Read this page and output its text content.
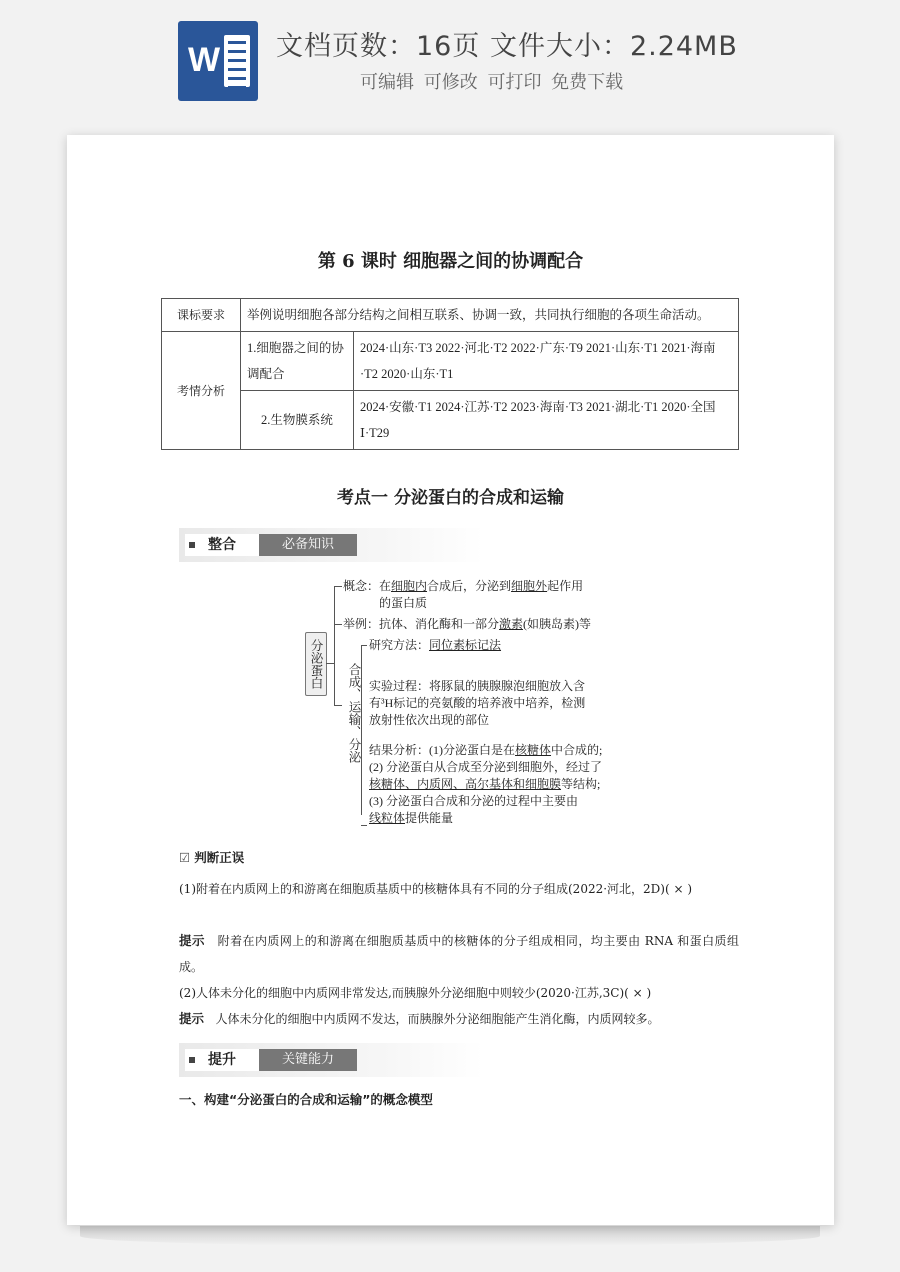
W 文档页数：16页 文件大小：2.24MB
可编辑 可修改 可打印 免费下载
第 6 课时 细胞器之间的协调配合
课标要求	举例说明细胞各部分结构之间相互联系、协调一致，共同执行细胞的各项生命活动。	
考情分析	1.细胞器之间的协调配合	2024·山东·T3 2022·河北·T2 2022·广东·T9 2021·山东·T1 2021·海南·T2 2020·山东·T1
	2.生物膜系统	2024·安徽·T1 2024·江苏·T2 2023·海南·T3 2021·湖北·T1 2020·全国 Ⅰ·T29
考点一 分泌蛋白的合成和运输
整合	必备知识
分泌蛋白
概念：在细胞内合成后，分泌到细胞外起作用
的蛋白质
举例：抗体、消化酶和一部分激素(如胰岛素)等
合成、运输、分泌
研究方法：同位素标记法
实验过程：将豚鼠的胰腺腺泡细胞放入含
有³H标记的亮氨酸的培养液中培养，检测
放射性依次出现的部位
结果分析：(1)分泌蛋白是在核糖体中合成的;
(2) 分泌蛋白从合成至分泌到细胞外，经过了
核糖体、内质网、高尔基体和细胞膜等结构;
(3) 分泌蛋白合成和分泌的过程中主要由
线粒体提供能量
☑ 判断正误
(1)附着在内质网上的和游离在细胞质基质中的核糖体具有不同的分子组成(2022·河北，2D)( × )
提示 附着在内质网上的和游离在细胞质基质中的核糖体的分子组成相同，均主要由 RNA 和蛋白质组成。
(2)人体未分化的细胞中内质网非常发达,而胰腺外分泌细胞中则较少(2020·江苏,3C)( × )
提示 人体未分化的细胞中内质网不发达，而胰腺外分泌细胞能产生消化酶，内质网较多。
提升	关键能力
一、构建“分泌蛋白的合成和运输”的概念模型
